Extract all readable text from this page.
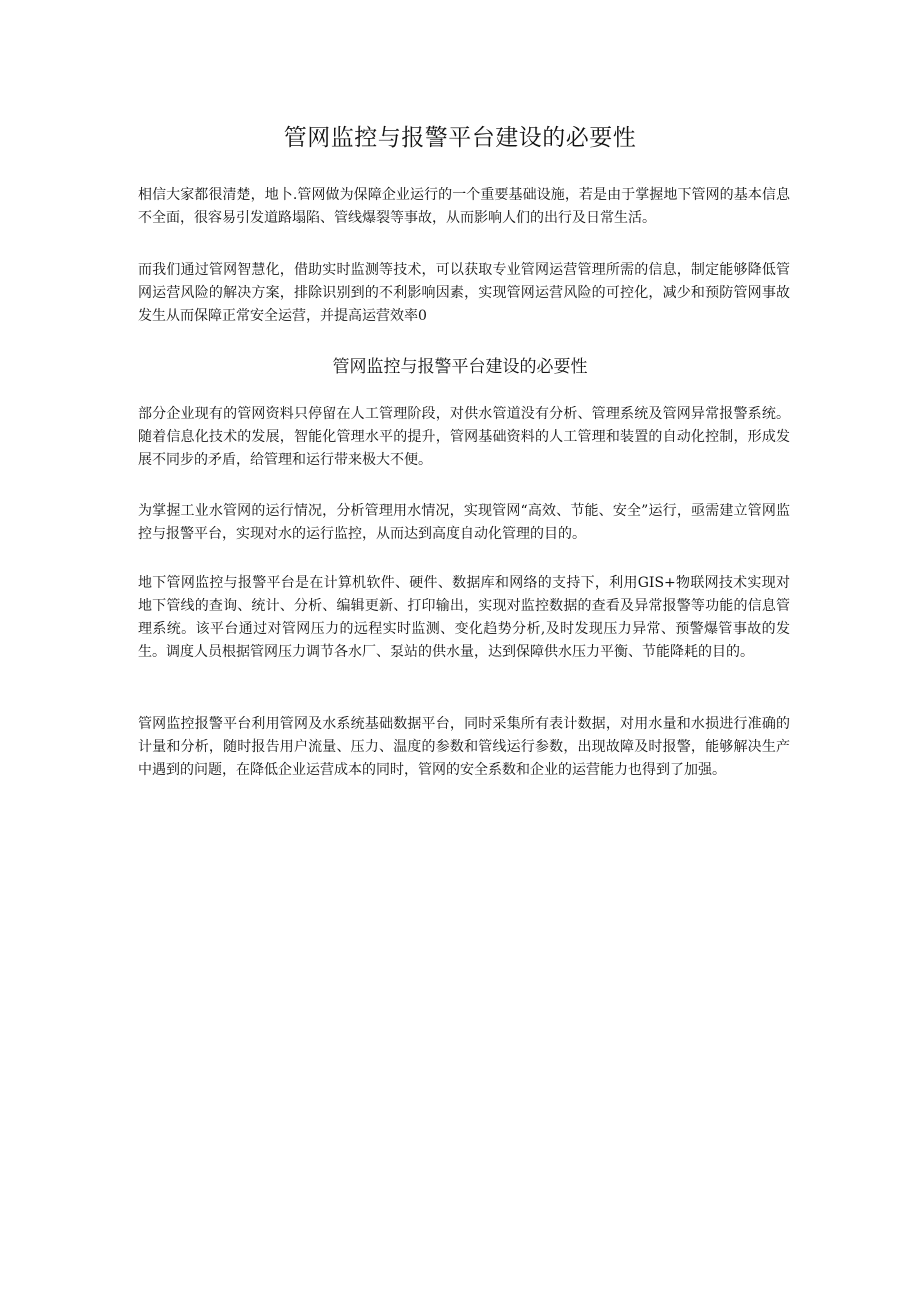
管网监控与报警平台建设的必要性

相信大家都很清楚，地卜.管网做为保障企业运行的一个重要基础设施，若是由于掌握地下管网的基本信息不全面，很容易引发道路塌陷、管线爆裂等事故，从而影响人们的出行及日常生活。

而我们通过管网智慧化，借助实时监测等技术，可以获取专业管网运营管理所需的信息，制定能够降低管网运营风险的解决方案，排除识别到的不利影响因素，实现管网运营风险的可控化，减少和预防管网事故发生从而保障正常安全运营，并提高运营效率0

管网监控与报警平台建设的必要性

部分企业现有的管网资料只停留在人工管理阶段，对供水管道没有分析、管理系统及管网异常报警系统。随着信息化技术的发展，智能化管理水平的提升，管网基础资料的人工管理和装置的自动化控制，形成发展不同步的矛盾，给管理和运行带来极大不便。

为掌握工业水管网的运行情况，分析管理用水情况，实现管网“高效、节能、安全”运行，亟需建立管网监控与报警平台，实现对水的运行监控，从而达到高度自动化管理的目的。

地下管网监控与报警平台是在计算机软件、硬件、数据库和网络的支持下，利用GIS+物联网技术实现对地下管线的查询、统计、分析、编辑更新、打印输出，实现对监控数据的查看及异常报警等功能的信息管理系统。该平台通过对管网压力的远程实时监测、变化趋势分析,及时发现压力异常、预警爆管事故的发生。调度人员根据管网压力调节各水厂、泵站的供水量，达到保障供水压力平衡、节能降耗的目的。

管网监控报警平台利用管网及水系统基础数据平台，同时采集所有表计数据，对用水量和水损进行准确的计量和分析，随时报告用户流量、压力、温度的参数和管线运行参数，出现故障及时报警，能够解决生产中遇到的问题，在降低企业运营成本的同时，管网的安全系数和企业的运营能力也得到了加强。
